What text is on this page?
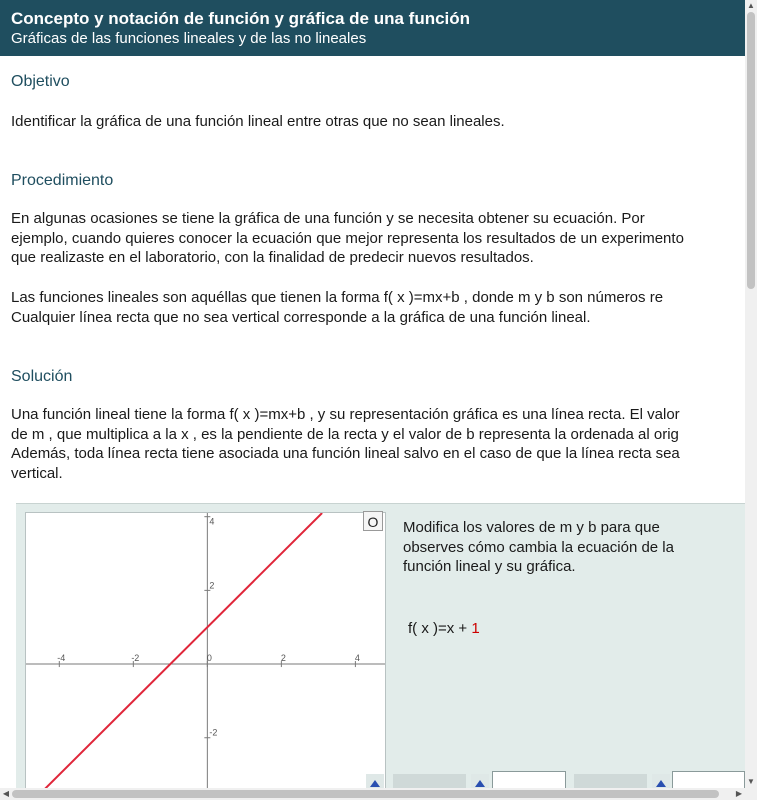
Concepto y notación de función y gráfica de una función
Gráficas de las funciones lineales y de las no lineales
Objetivo
Identificar la gráfica de una función lineal entre otras que no sean lineales.
Procedimiento
En algunas ocasiones se tiene la gráfica de una función y se necesita obtener su ecuación. Por
ejemplo, cuando quieres conocer la ecuación que mejor representa los resultados de un experimento
que realizaste en el laboratorio, con la finalidad de predecir nuevos resultados.
Las funciones lineales son aquéllas que tienen la forma f( x )=mx+b , donde m y b son números re
Cualquier línea recta que no sea vertical corresponde a la gráfica de una función lineal.
Solución
Una función lineal tiene la forma f( x )=mx+b , y su representación gráfica es una línea recta. El valor
de m , que multiplica a la x , es la pendiente de la recta y el valor de b representa la ordenada al orig
Además, toda línea recta tiene asociada una función lineal salvo en el caso de que la línea recta sea
vertical.
-4	-2	0	2	4
4
2
-2
O	Modifica los valores de m y b para que
observes cómo cambia la ecuación de la
función lineal y su gráfica.
f( x )=x + 1
▲
▼
◀	▶
